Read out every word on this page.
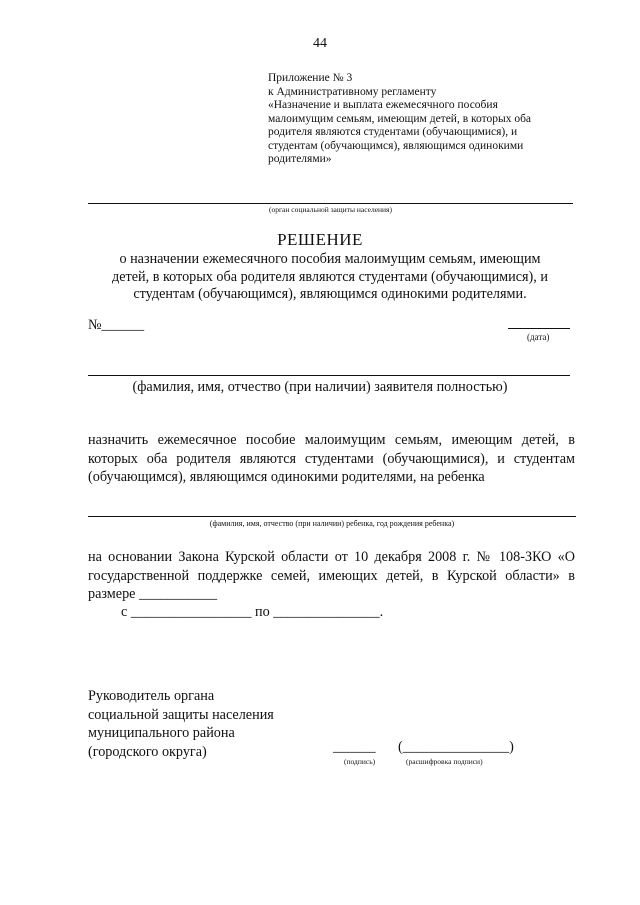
44
Приложение № 3
к Административному регламенту
«Назначение и выплата ежемесячного пособия
малоимущим семьям, имеющим детей, в которых оба
родителя являются студентами (обучающимися), и
студентам (обучающимся), являющимся одинокими
родителями»
(орган социальной защиты населения)
РЕШЕНИЕ
о назначении ежемесячного пособия малоимущим семьям, имеющим
детей, в которых оба родителя являются студентами (обучающимися), и
студентам (обучающимся), являющимся одинокими родителями.
№______
(дата)
(фамилия, имя, отчество (при наличии) заявителя полностью)
назначить ежемесячное пособие малоимущим семьям, имеющим детей, в
которых оба родителя являются студентами (обучающимися), и студентам
(обучающимся), являющимся одинокими родителями, на ребенка
(фамилия, имя, отчество (при наличии) ребенка, год рождения ребенка)
на основании Закона Курской области от 10 декабря 2008 г. № 108-ЗКО «О
государственной поддержке семей, имеющих детей, в Курской области» в
размере ___________
с _________________ по _______________.
Руководитель органа
социальной защиты населения
муниципального района
(городского округа)	______ (_______________)
(подпись)	(расшифровка подписи)
